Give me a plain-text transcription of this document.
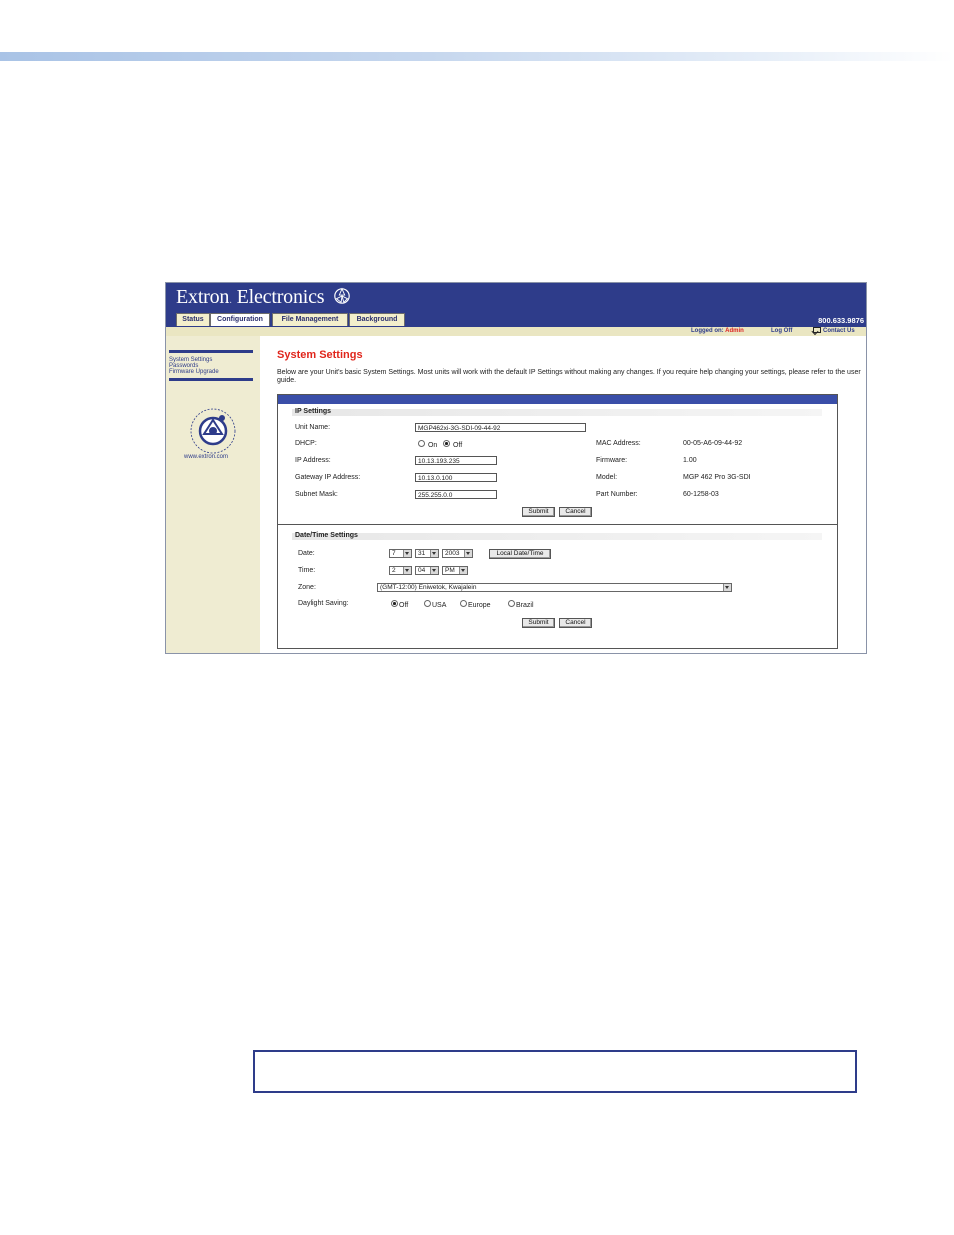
Extron. Electronics
800.633.9876
Status	Configuration	File Management	Background
Logged on: Admin	Log Off	Contact Us
System Settings
Passwords
Firmware Upgrade
www.extron.com
System Settings
Below are your Unit's basic System Settings. Most units will work with the default IP Settings without making any changes. If you require help changing your settings, please refer to the user guide.
IP Settings
Unit Name:	MGP462xi-3G-SDI-09-44-92
DHCP:	On	Off
IP Address:	10.13.193.235
Gateway IP Address:	10.13.0.100
Subnet Mask:	255.255.0.0
MAC Address:	00-05-A6-09-44-92
Firmware:	1.00
Model:	MGP 462 Pro 3G-SDI
Part Number:	60-1258-03
Submit	Cancel
Date/Time Settings
Date:	7	31	2003	Local Date/Time
Time:	2	04	PM
Zone:	(GMT-12:00) Eniwetok, Kwajalein
Daylight Saving:	Off	USA	Europe	Brazil
Submit	Cancel
